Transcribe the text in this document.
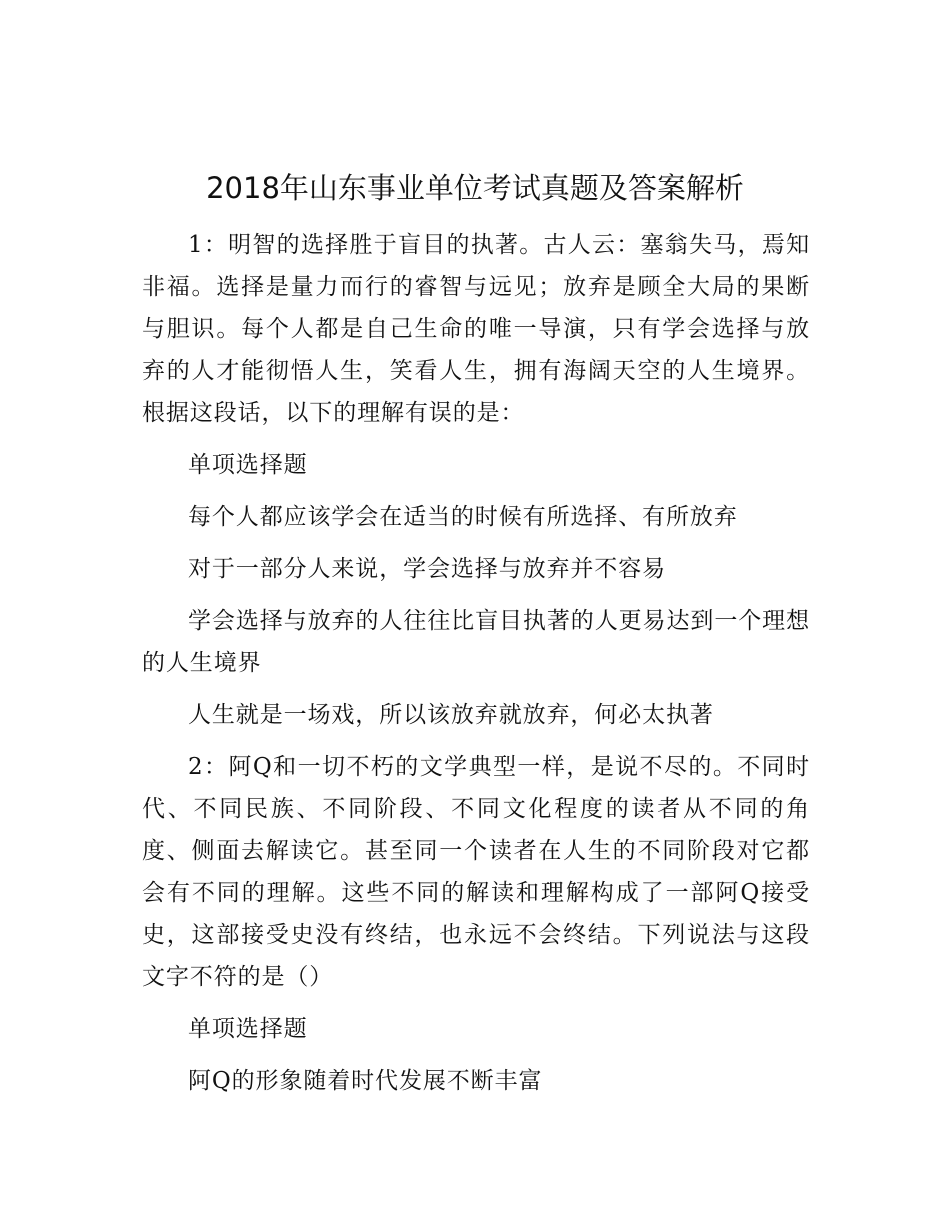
2018年山东事业单位考试真题及答案解析

1：明智的选择胜于盲目的执著。古人云：塞翁失马，焉知非福。选择是量力而行的睿智与远见；放弃是顾全大局的果断与胆识。每个人都是自己生命的唯一导演，只有学会选择与放弃的人才能彻悟人生，笑看人生，拥有海阔天空的人生境界。根据这段话，以下的理解有误的是：

单项选择题

每个人都应该学会在适当的时候有所选择、有所放弃

对于一部分人来说，学会选择与放弃并不容易

学会选择与放弃的人往往比盲目执著的人更易达到一个理想的人生境界

人生就是一场戏，所以该放弃就放弃，何必太执著

2：阿Q和一切不朽的文学典型一样，是说不尽的。不同时代、不同民族、不同阶段、不同文化程度的读者从不同的角度、侧面去解读它。甚至同一个读者在人生的不同阶段对它都会有不同的理解。这些不同的解读和理解构成了一部阿Q接受史，这部接受史没有终结，也永远不会终结。下列说法与这段文字不符的是（）

单项选择题

阿Q的形象随着时代发展不断丰富
